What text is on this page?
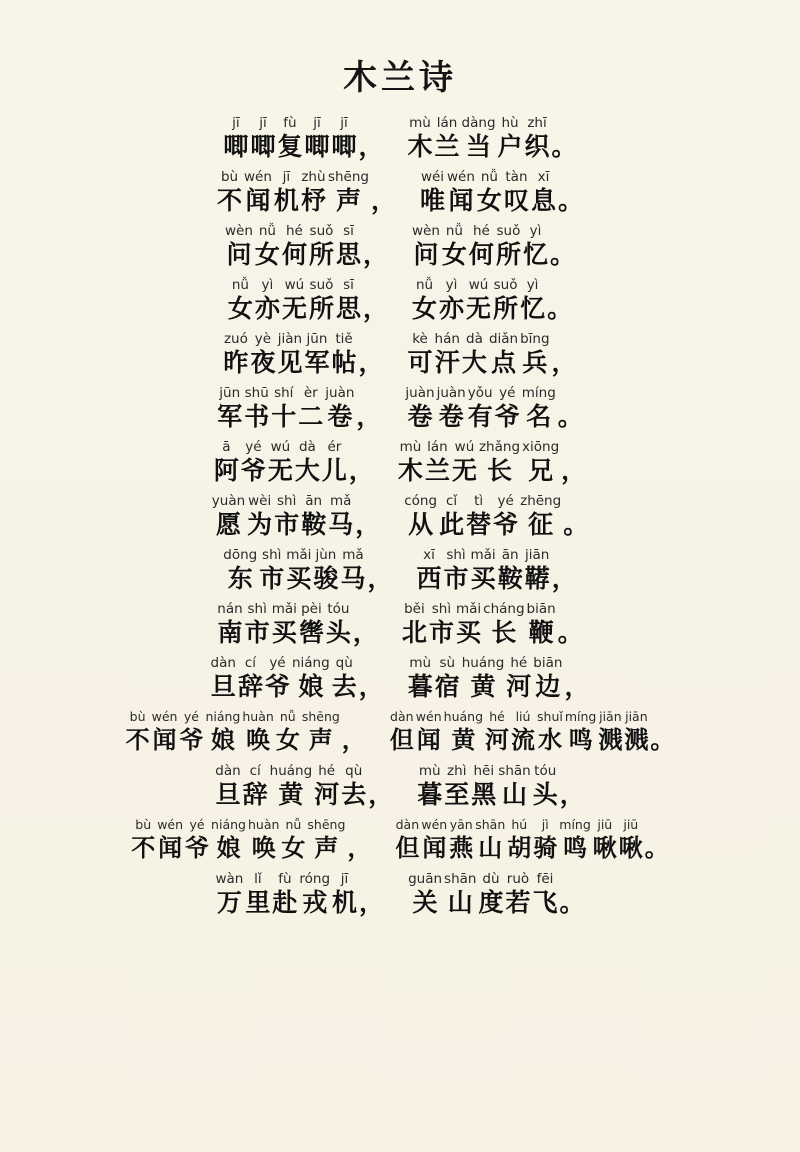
木兰诗
jī
唧
jī
唧
fù
复
jī
唧
jī
唧 ，
mù
木
lán
兰
dàng
当
hù
户
zhī
织 。
bù
不
wén
闻
jī
机
zhù
杼
shēng
声 ，
wéi
唯
wén
闻
nǚ
女
tàn
叹
xī
息 。
wèn
问
nǚ
女
hé
何
suǒ
所
sī
思 ，
wèn
问
nǚ
女
hé
何
suǒ
所
yì
忆 。
nǚ
女
yì
亦
wú
无
suǒ
所
sī
思 ，
nǚ
女
yì
亦
wú
无
suǒ
所
yì
忆 。
zuó
昨
yè
夜
jiàn
见
jūn
军
tiě
帖 ，
kè
可
hán
汗
dà
大
diǎn
点
bīng
兵 ，
jūn
军
shū
书
shí
十
èr
二
juàn
卷 ，
juàn
卷
juàn
卷
yǒu
有
yé
爷
míng
名 。
ā
阿
yé
爷
wú
无
dà
大
ér
儿 ，
mù
木
lán
兰
wú
无
zhǎng
长
xiōng
兄 ，
yuàn
愿
wèi
为
shì
市
ān
鞍
mǎ
马 ，
cóng
从
cǐ
此
tì
替
yé
爷
zhēng
征 。
dōng
东
shì
市
mǎi
买
jùn
骏
mǎ
马 ，
xī
西
shì
市
mǎi
买
ān
鞍
jiān
鞯 ，
nán
南
shì
市
mǎi
买
pèi
辔
tóu
头 ，
běi
北
shì
市
mǎi
买
cháng
长
biān
鞭 。
dàn
旦
cí
辞
yé
爷
niáng
娘
qù
去 ，
mù
暮
sù
宿
huáng
黄
hé
河
biān
边 ，
bù
不
wén
闻
yé
爷
niáng
娘
huàn
唤
nǚ
女
shēng
声 ，
dàn
但
wén
闻
huáng
黄
hé
河
liú
流
shuǐ
水
míng
鸣
jiān
溅
jiān
溅 。
dàn
旦
cí
辞
huáng
黄
hé
河
qù
去 ，
mù
暮
zhì
至
hēi
黑
shān
山
tóu
头 ，
bù
不
wén
闻
yé
爷
niáng
娘
huàn
唤
nǚ
女
shēng
声 ，
dàn
但
wén
闻
yān
燕
shān
山
hú
胡
jì
骑
míng
鸣
jiū
啾
jiū
啾 。
wàn
万
lǐ
里
fù
赴
róng
戎
jī
机 ，
guān
关
shān
山
dù
度
ruò
若
fēi
飞 。
